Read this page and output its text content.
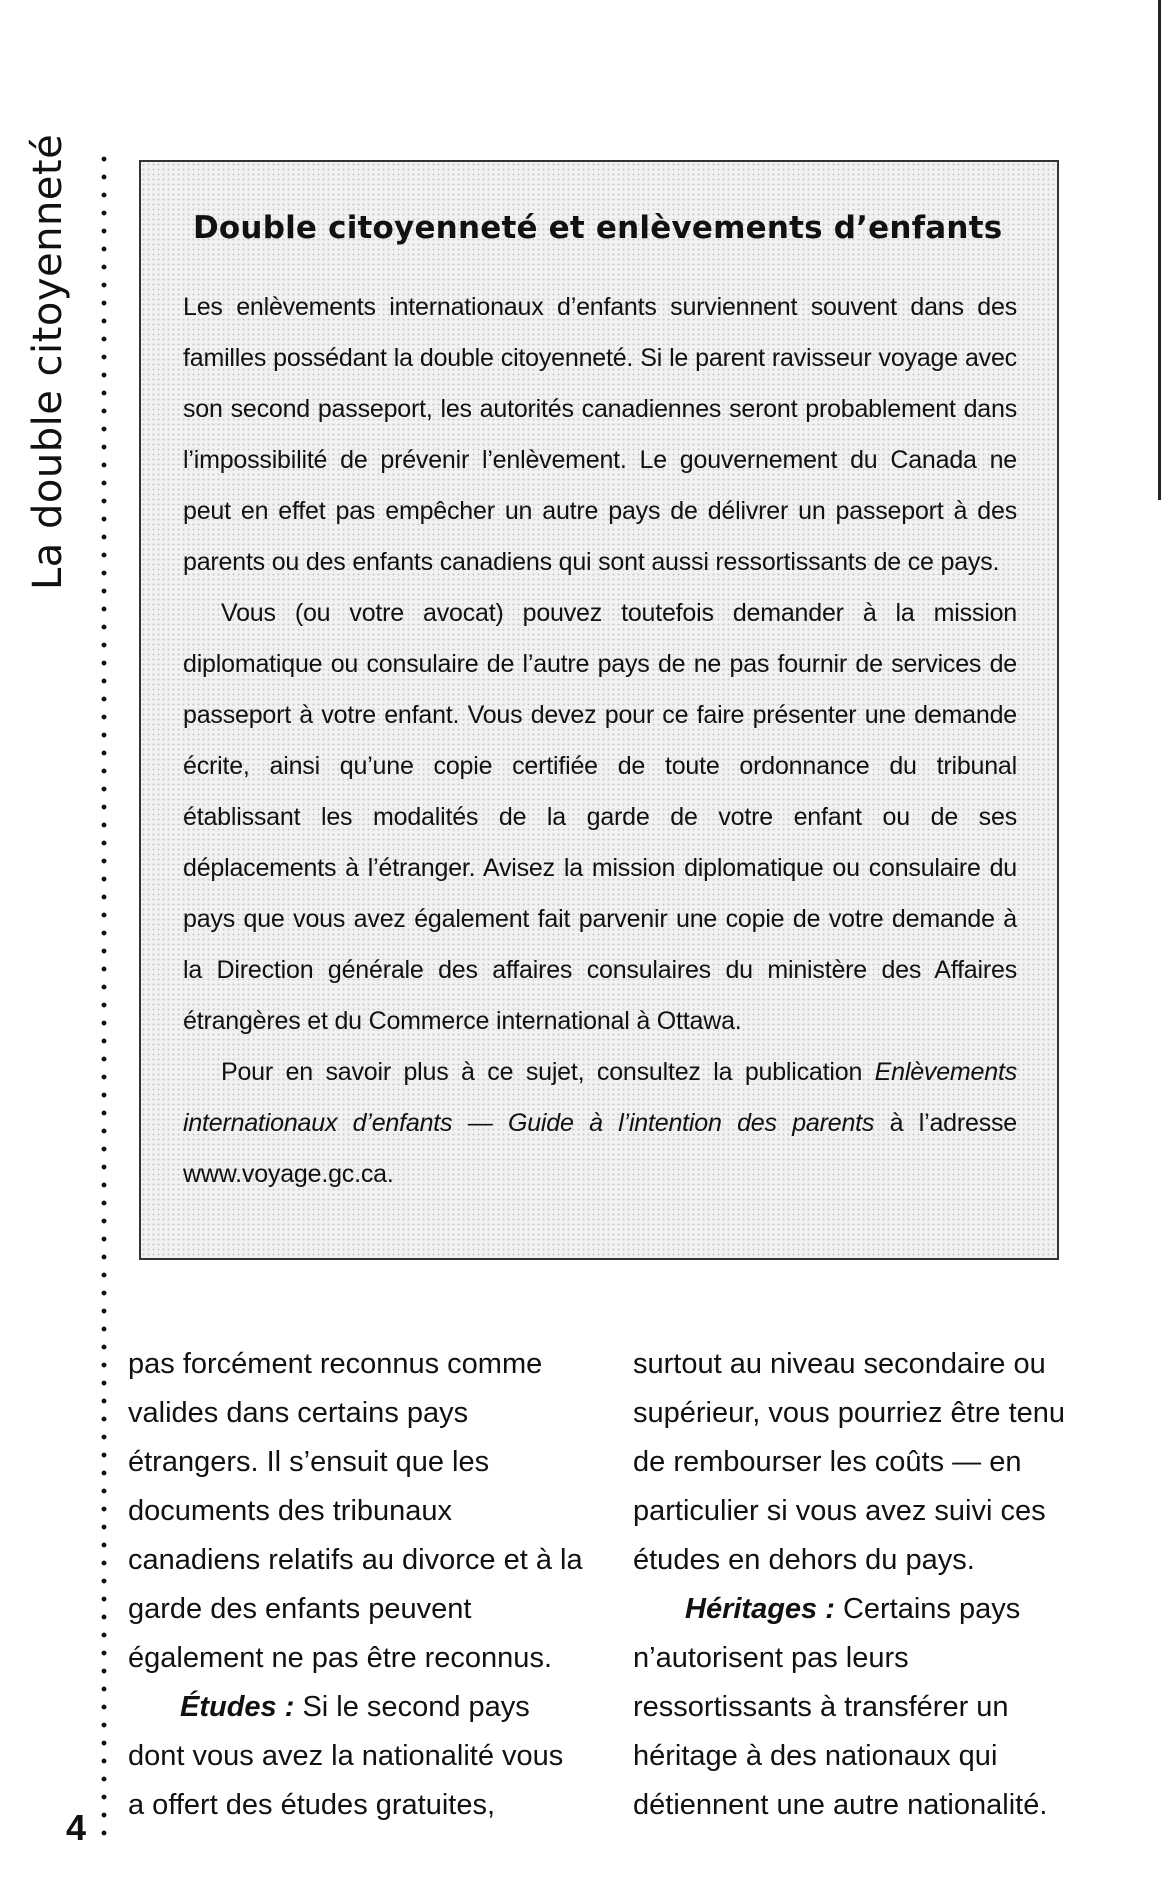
La double citoyenneté	Double citoyenneté et enlèvements d’enfants

Les enlèvements internationaux d’enfants surviennent souvent dans des familles possédant la double citoyenneté. Si le parent ravisseur voyage avec son second passeport, les autorités canadiennes seront probablement dans l’impossibilité de prévenir l’enlèvement. Le gouvernement du Canada ne peut en effet pas empêcher un autre pays de délivrer un passeport à des parents ou des enfants canadiens qui sont aussi ressortissants de ce pays.

Vous (ou votre avocat) pouvez toutefois demander à la mission diplomatique ou consulaire de l’autre pays de ne pas fournir de services de passeport à votre enfant. Vous devez pour ce faire présenter une demande écrite, ainsi qu’une copie certifiée de toute ordonnance du tribunal établissant les modalités de la garde de votre enfant ou de ses déplacements à l’étranger. Avisez la mission diplomatique ou consulaire du pays que vous avez également fait parvenir une copie de votre demande à la Direction générale des affaires consulaires du ministère des Affaires étrangères et du Commerce international à Ottawa.

Pour en savoir plus à ce sujet, consultez la publication Enlèvements internationaux d’enfants — Guide à l’intention des parents à l’adresse www.voyage.gc.ca.

pas forcément reconnus comme valides dans certains pays étrangers. Il s’ensuit que les documents des tribunaux canadiens relatifs au divorce et à la garde des enfants peuvent également ne pas être reconnus.

Études : Si le second pays dont vous avez la nationalité vous a offert des études gratuites,

surtout au niveau secondaire ou supérieur, vous pourriez être tenu de rembourser les coûts — en particulier si vous avez suivi ces études en dehors du pays.

Héritages : Certains pays n’autorisent pas leurs ressortissants à transférer un héritage à des nationaux qui détiennent une autre nationalité.

4
